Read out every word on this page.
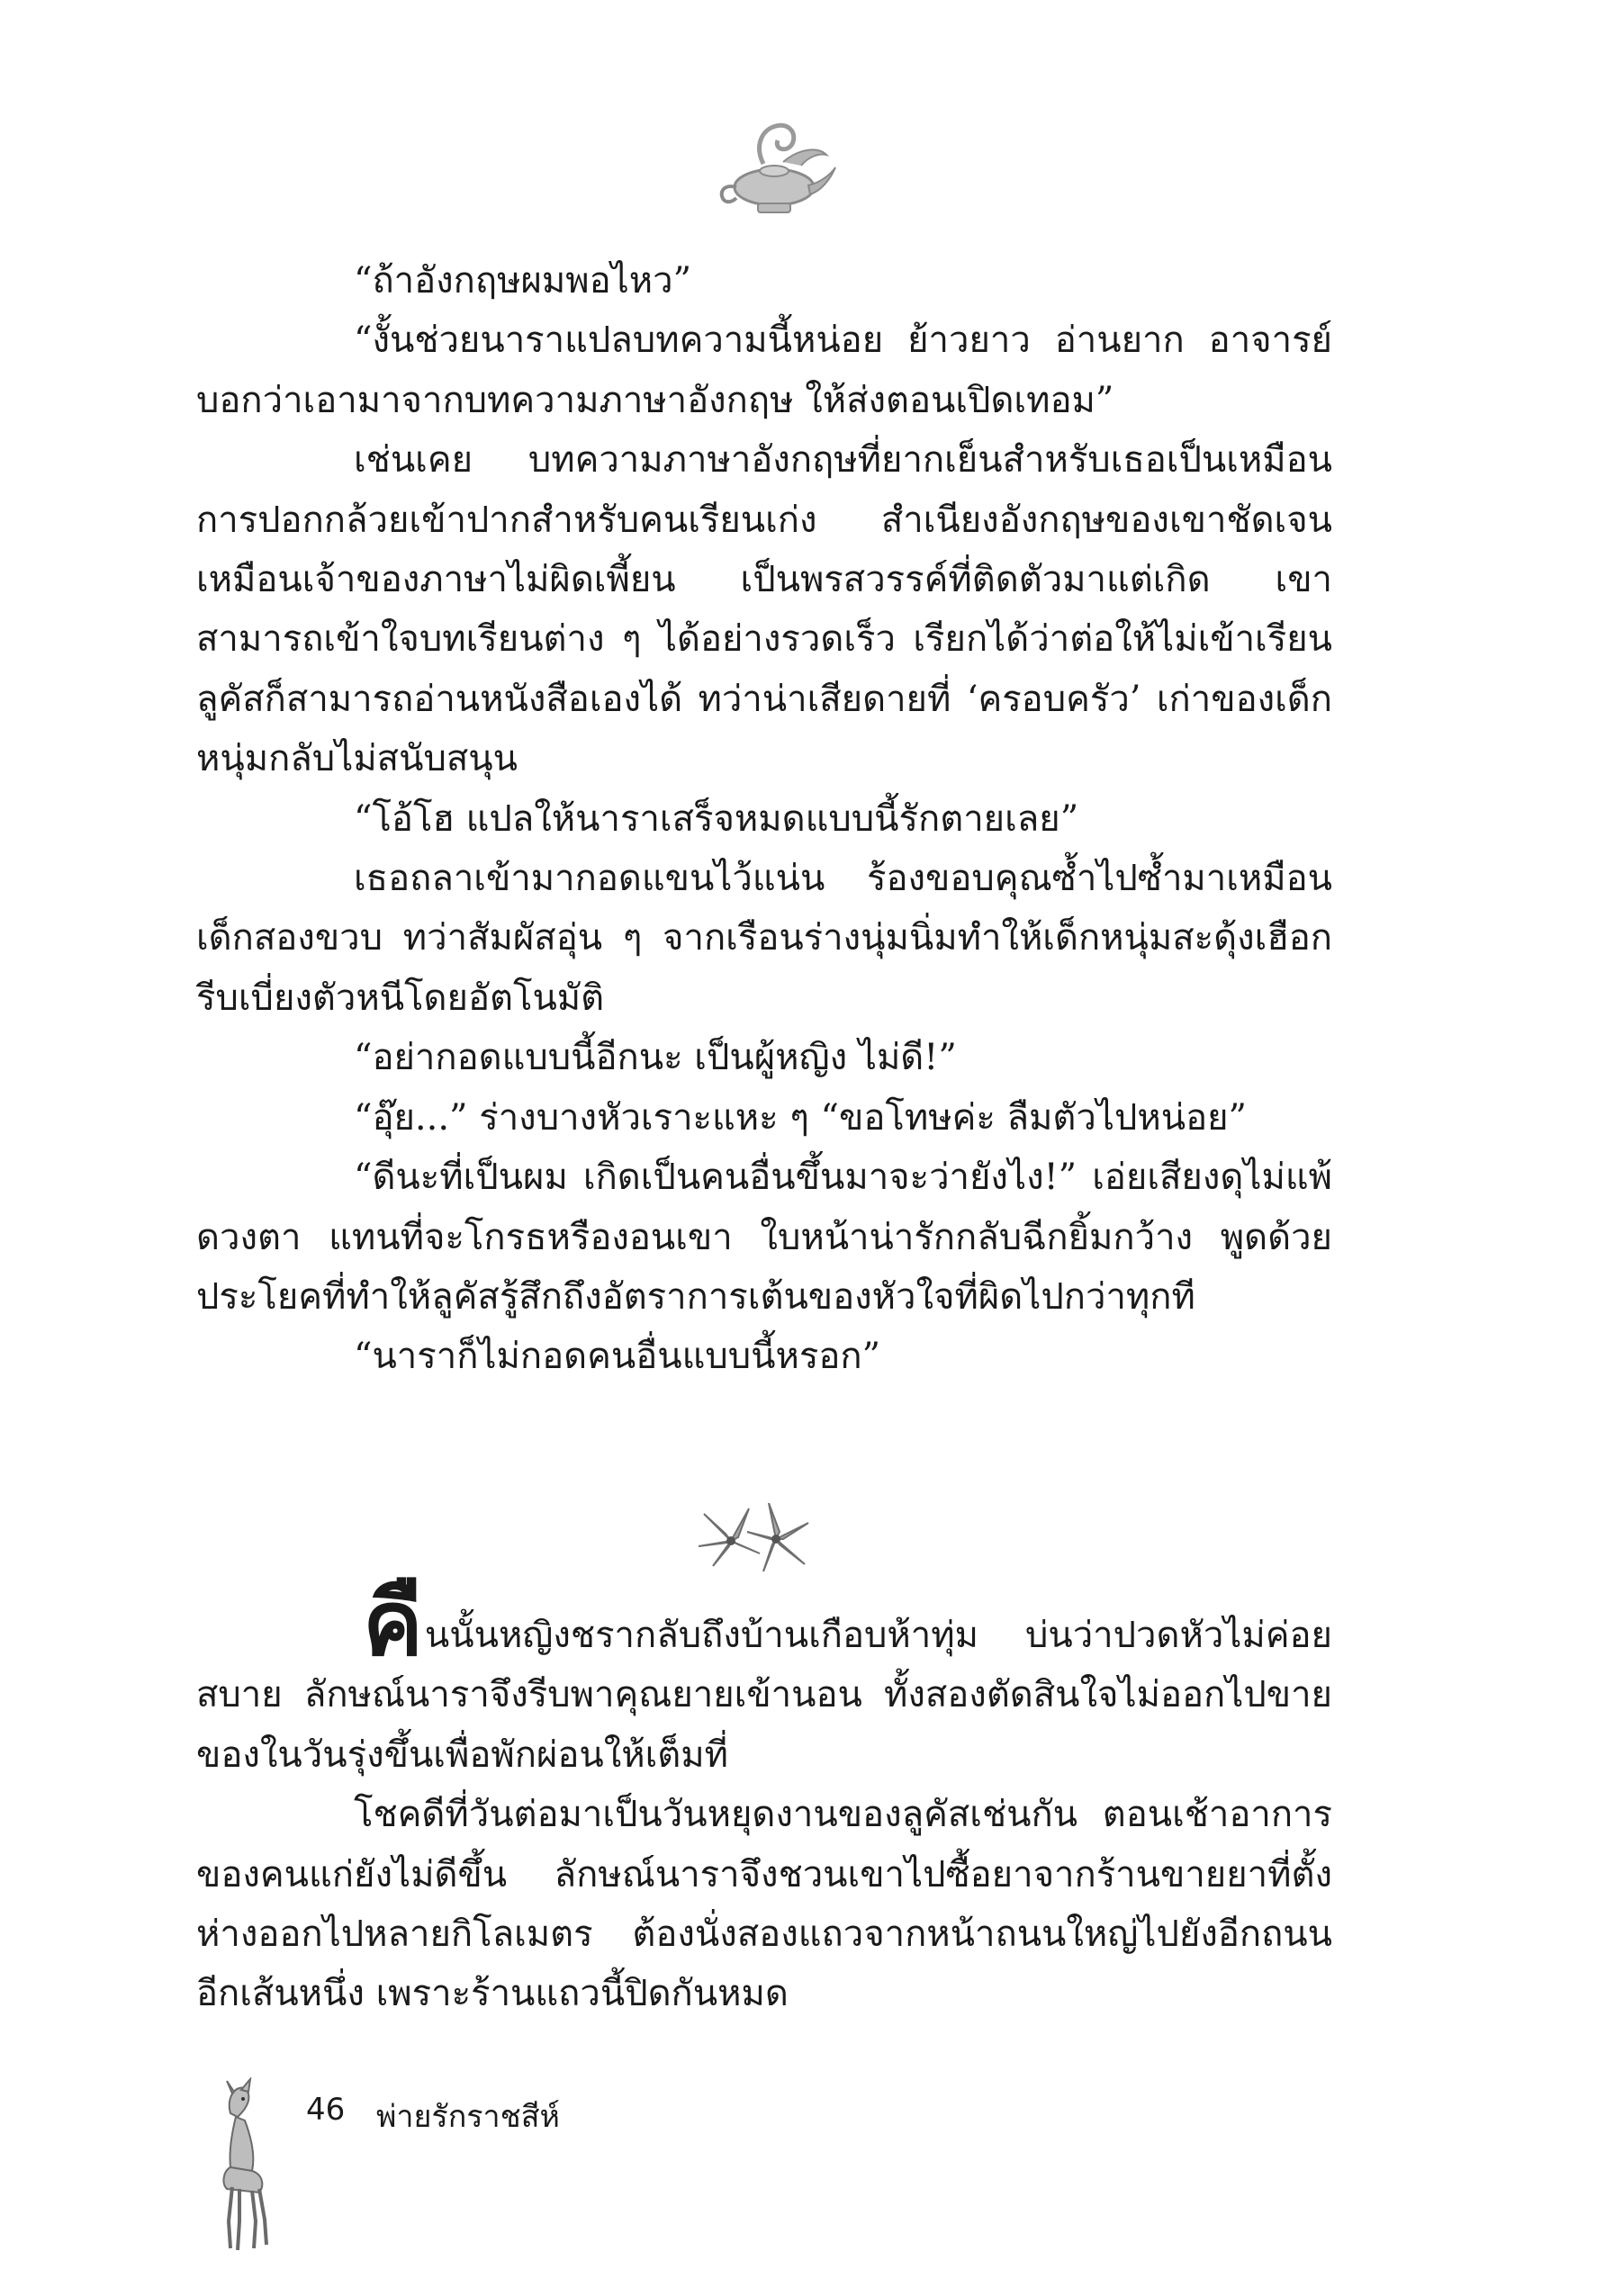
“ถ้าอังกฤษผมพอไหว”

“งั้นช่วยนาราแปลบทความนี้หน่อย ย้าวยาว อ่านยาก อาจารย์บอกว่าเอามาจากบทความภาษาอังกฤษ ให้ส่งตอนเปิดเทอม”

เช่นเคย บทความภาษาอังกฤษที่ยากเย็นสำหรับเธอเป็นเหมือนการปอกกล้วยเข้าปากสำหรับคนเรียนเก่ง สำเนียงอังกฤษของเขาชัดเจนเหมือนเจ้าของภาษาไม่ผิดเพี้ยน เป็นพรสวรรค์ที่ติดตัวมาแต่เกิด เขาสามารถเข้าใจบทเรียนต่าง ๆ ได้อย่างรวดเร็ว เรียกได้ว่าต่อให้ไม่เข้าเรียนลูคัสก็สามารถอ่านหนังสือเองได้ ทว่าน่าเสียดายที่ ‘ครอบครัว’ เก่าของเด็กหนุ่มกลับไม่สนับสนุน

“โอ้โฮ แปลให้นาราเสร็จหมดแบบนี้รักตายเลย”

เธอถลาเข้ามากอดแขนไว้แน่น ร้องขอบคุณซ้ำไปซ้ำมาเหมือนเด็กสองขวบ ทว่าสัมผัสอุ่น ๆ จากเรือนร่างนุ่มนิ่มทำให้เด็กหนุ่มสะดุ้งเฮือกรีบเบี่ยงตัวหนีโดยอัตโนมัติ

“อย่ากอดแบบนี้อีกนะ เป็นผู้หญิง ไม่ดี!”

“อุ๊ย...” ร่างบางหัวเราะแหะ ๆ “ขอโทษค่ะ ลืมตัวไปหน่อย”

“ดีนะที่เป็นผม เกิดเป็นคนอื่นขึ้นมาจะว่ายังไง!” เอ่ยเสียงดุไม่แพ้ดวงตา แทนที่จะโกรธหรืองอนเขา ใบหน้าน่ารักกลับฉีกยิ้มกว้าง พูดด้วยประโยคที่ทำให้ลูคัสรู้สึกถึงอัตราการเต้นของหัวใจที่ผิดไปกว่าทุกที

“นาราก็ไม่กอดคนอื่นแบบนี้หรอก”

คืนนั้นหญิงชรากลับถึงบ้านเกือบห้าทุ่ม บ่นว่าปวดหัวไม่ค่อยสบาย ลักษณ์นาราจึงรีบพาคุณยายเข้านอน ทั้งสองตัดสินใจไม่ออกไปขายของในวันรุ่งขึ้นเพื่อพักผ่อนให้เต็มที่

โชคดีที่วันต่อมาเป็นวันหยุดงานของลูคัสเช่นกัน ตอนเช้าอาการของคนแก่ยังไม่ดีขึ้น ลักษณ์นาราจึงชวนเขาไปซื้อยาจากร้านขายยาที่ตั้งห่างออกไปหลายกิโลเมตร ต้องนั่งสองแถวจากหน้าถนนใหญ่ไปยังอีกถนนอีกเส้นหนึ่ง เพราะร้านแถวนี้ปิดกันหมด

46 พ่ายรักราชสีห์
